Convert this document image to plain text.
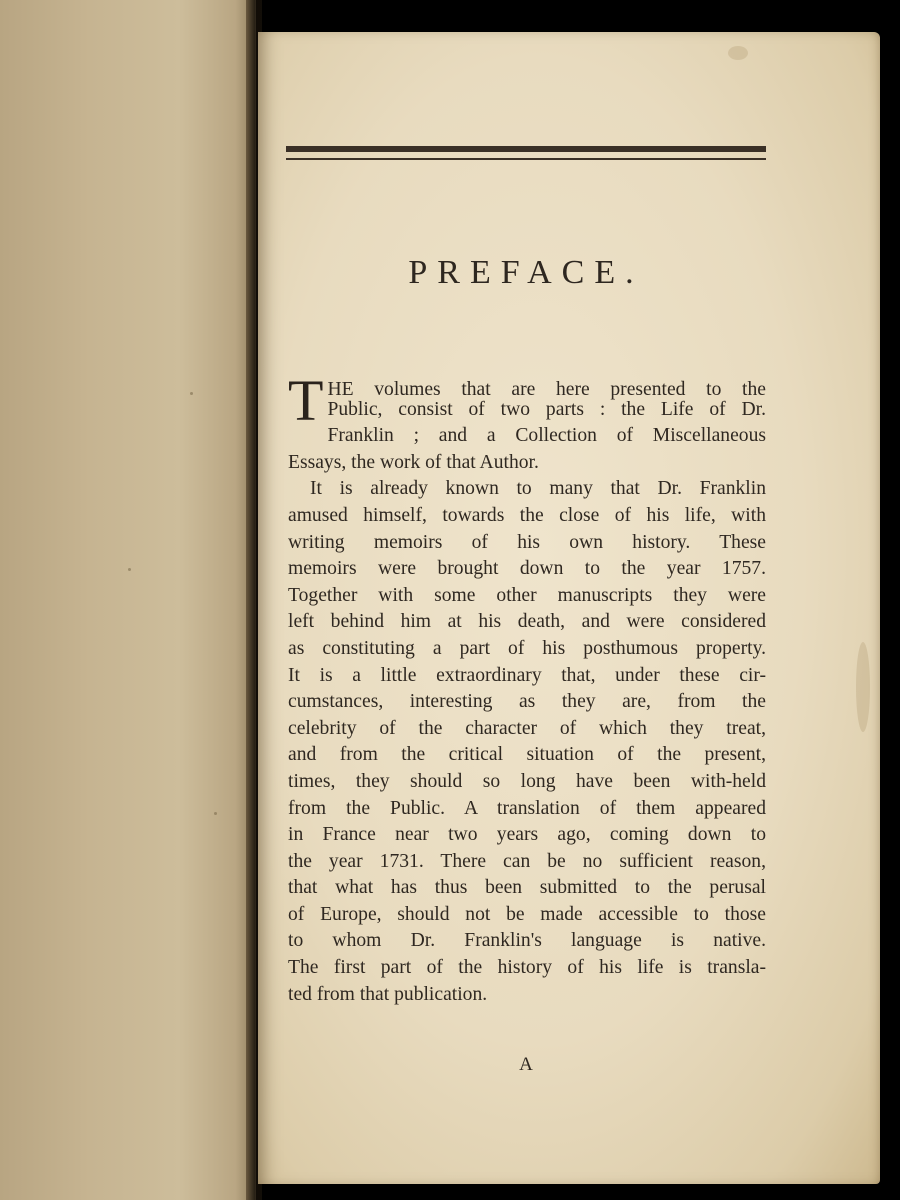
PREFACE.
THE volumes that are here presented to the
Public, consist of two parts : the Life of Dr.
Franklin ; and a Collection of Miscellaneous
Essays, the work of that Author.
It is already known to many that Dr. Franklin
amused himself, towards the close of his life, with
writing memoirs of his own history. These
memoirs were brought down to the year 1757.
Together with some other manuscripts they were
left behind him at his death, and were considered
as constituting a part of his posthumous property.
It is a little extraordinary that, under these cir-
cumstances, interesting as they are, from the
celebrity of the character of which they treat,
and from the critical situation of the present,
times, they should so long have been with-held
from the Public. A translation of them appeared
in France near two years ago, coming down to
the year 1731. There can be no sufficient reason,
that what has thus been submitted to the perusal
of Europe, should not be made accessible to those
to whom Dr. Franklin's language is native.
The first part of the history of his life is transla-
ted from that publication.
A
